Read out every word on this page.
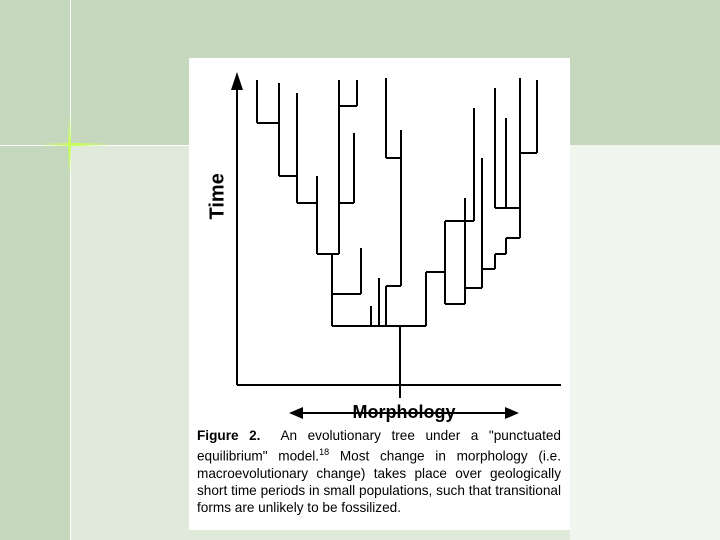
Time
Morphology
Figure 2. An evolutionary tree under a "punctuated equilibrium" model.$^{18}$ Most change in morphology (i.e. macroevolutionary change) takes place over geologically short time periods in small populations, such that transitional forms are unlikely to be fossilized.
